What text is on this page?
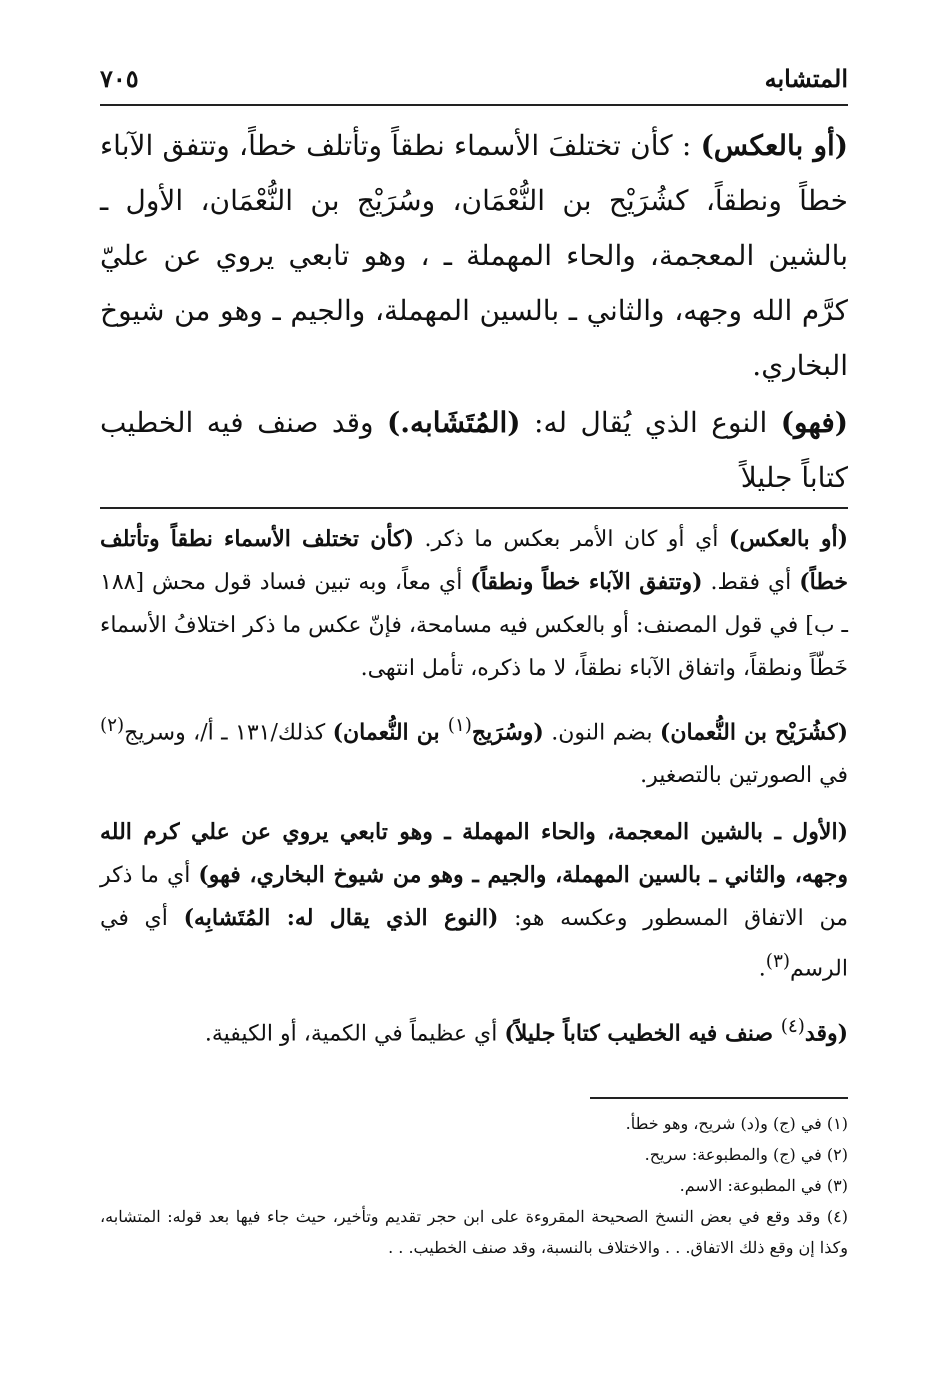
المتشابه
٧٠٥

(أو بالعكس) : كأن تختلفَ الأسماء نطقاً وتأتلف خطاً، وتتفق الآباء خطاً ونطقاً، كشُرَيْح بن النُّعْمَان، وسُرَيْج بن النُّعْمَان، الأول ـ بالشين المعجمة، والحاء المهملة ـ ، وهو تابعي يروي عن عليّ كرَّم الله وجهه، والثاني ـ بالسين المهملة، والجيم ـ وهو من شيوخ البخاري.

(فهو) النوع الذي يُقال له: (المُتَشَابه.) وقد صنف فيه الخطيب كتاباً جليلاً

(أو بالعكس) أي أو كان الأمر بعكس ما ذكر. (كأن تختلف الأسماء نطقاً وتأتلف خطاً) أي فقط. (وتتفق الآباء خطاً ونطقاً) أي معاً، وبه تبين فساد قول محش [١٨٨ ـ ب] في قول المصنف: أو بالعكس فيه مسامحة، فإنّ عكس ما ذكر اختلافُ الأسماء خَطّاً ونطقاً، واتفاق الآباء نطقاً، لا ما ذكره، تأمل انتهى.

(كشُرَيْح بن النُّعمان) بضم النون. (وسُرَيج$^{(١)}$ بن النُّعمان) كذلك/١٣١ ـ أ/، وسريج$^{(٢)}$ في الصورتين بالتصغير.

(الأول ـ بالشين المعجمة، والحاء المهملة ـ وهو تابعي يروي عن علي كرم الله وجهه، والثاني ـ بالسين المهملة، والجيم ـ وهو من شيوخ البخاري، فهو) أي ما ذكر من الاتفاق المسطور وعكسه هو: (النوع الذي يقال له: المُتَشابِه) أي في الرسم$^{(٣)}$.

(وقد$^{(٤)}$ صنف فيه الخطيب كتاباً جليلاً) أي عظيماً في الكمية، أو الكيفية.

(١) في (ج) و(د) شريح، وهو خطأ.

(٢) في (ج) والمطبوعة: سريح.

(٣) في المطبوعة: الاسم.

(٤) وقد وقع في بعض النسخ الصحيحة المقروءة على ابن حجر تقديم وتأخير، حيث جاء فيها بعد قوله: المتشابه، وكذا إن وقع ذلك الاتفاق. . . والاختلاف بالنسبة، وقد صنف الخطيب. . .
